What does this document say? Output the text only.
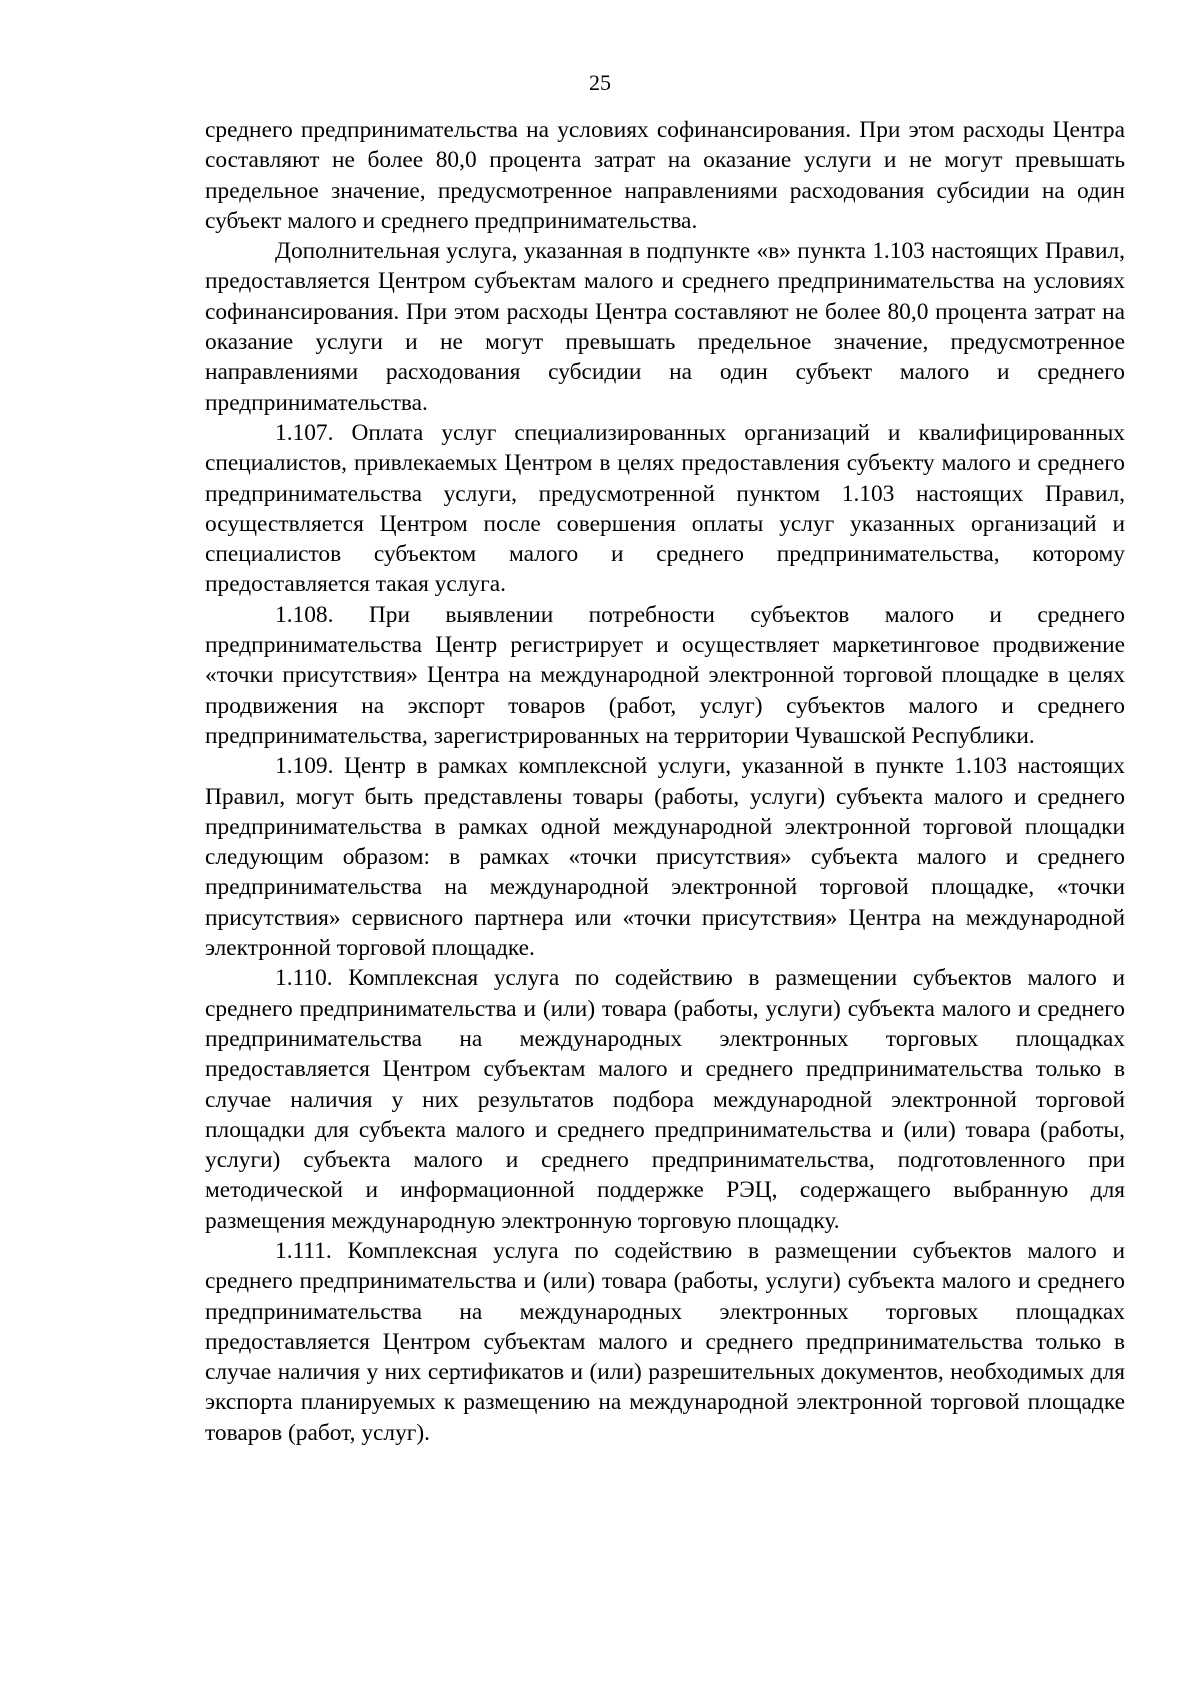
25

среднего предпринимательства на условиях софинансирования. При этом расходы Центра составляют не более 80,0 процента затрат на оказание услуги и не могут превышать предельное значение, предусмотренное направлениями расходования субсидии на один субъект малого и среднего предпринимательства.

Дополнительная услуга, указанная в подпункте «в» пункта 1.103 настоящих Правил, предоставляется Центром субъектам малого и среднего предпринимательства на условиях софинансирования. При этом расходы Центра составляют не более 80,0 процента затрат на оказание услуги и не могут превышать предельное значение, предусмотренное направлениями расходования субсидии на один субъект малого и среднего предпринимательства.

1.107. Оплата услуг специализированных организаций и квалифицированных специалистов, привлекаемых Центром в целях предоставления субъекту малого и среднего предпринимательства услуги, предусмотренной пунктом 1.103 настоящих Правил, осуществляется Центром после совершения оплаты услуг указанных организаций и специалистов субъектом малого и среднего предпринимательства, которому предоставляется такая услуга.

1.108. При выявлении потребности субъектов малого и среднего предпринимательства Центр регистрирует и осуществляет маркетинговое продвижение «точки присутствия» Центра на международной электронной торговой площадке в целях продвижения на экспорт товаров (работ, услуг) субъектов малого и среднего предпринимательства, зарегистрированных на территории Чувашской Республики.

1.109. Центр в рамках комплексной услуги, указанной в пункте 1.103 настоящих Правил, могут быть представлены товары (работы, услуги) субъекта малого и среднего предпринимательства в рамках одной международной электронной торговой площадки следующим образом: в рамках «точки присутствия» субъекта малого и среднего предпринимательства на международной электронной торговой площадке, «точки присутствия» сервисного партнера или «точки присутствия» Центра на международной электронной торговой площадке.

1.110. Комплексная услуга по содействию в размещении субъектов малого и среднего предпринимательства и (или) товара (работы, услуги) субъекта малого и среднего предпринимательства на международных электронных торговых площадках предоставляется Центром субъектам малого и среднего предпринимательства только в случае наличия у них результатов подбора международной электронной торговой площадки для субъекта малого и среднего предпринимательства и (или) товара (работы, услуги) субъекта малого и среднего предпринимательства, подготовленного при методической и информационной поддержке РЭЦ, содержащего выбранную для размещения международную электронную торговую площадку.

1.111. Комплексная услуга по содействию в размещении субъектов малого и среднего предпринимательства и (или) товара (работы, услуги) субъекта малого и среднего предпринимательства на международных электронных торговых площадках предоставляется Центром субъектам малого и среднего предпринимательства только в случае наличия у них сертификатов и (или) разрешительных документов, необходимых для экспорта планируемых к размещению на международной электронной торговой площадке товаров (работ, услуг).
